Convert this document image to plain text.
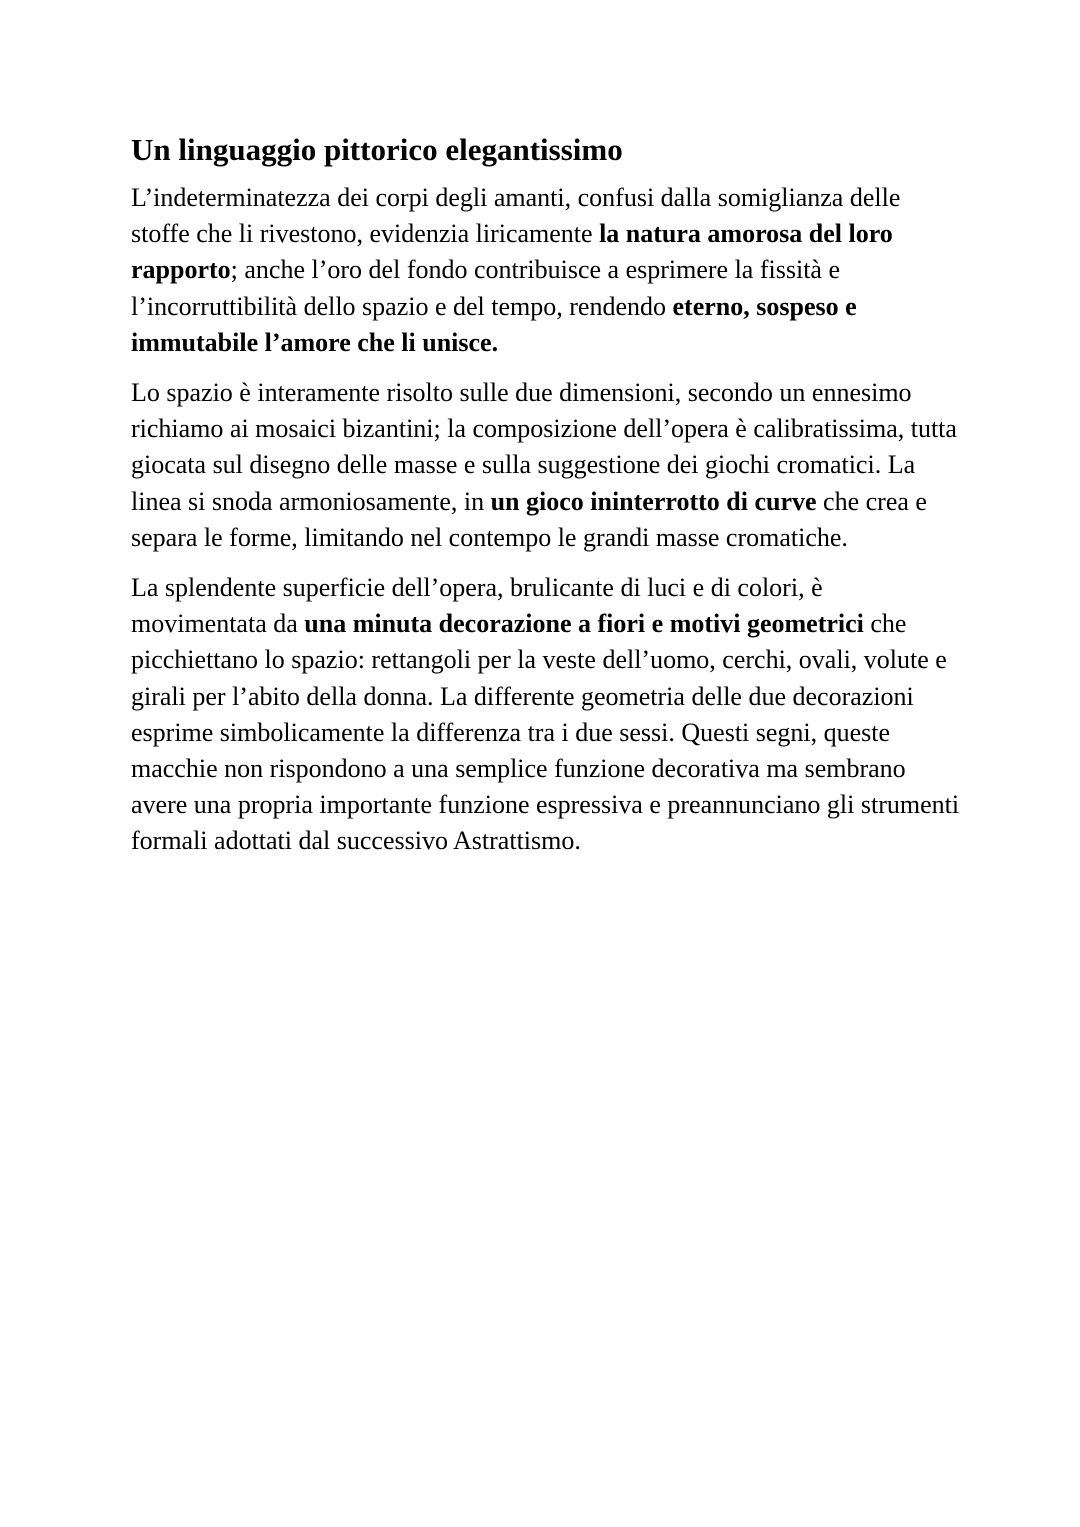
Un linguaggio pittorico elegantissimo

L’indeterminatezza dei corpi degli amanti, confusi dalla somiglianza delle stoffe che li rivestono, evidenzia liricamente la natura amorosa del loro rapporto; anche l’oro del fondo contribuisce a esprimere la fissità e l’incorruttibilità dello spazio e del tempo, rendendo eterno, sospeso e immutabile l’amore che li unisce.

Lo spazio è interamente risolto sulle due dimensioni, secondo un ennesimo richiamo ai mosaici bizantini; la composizione dell’opera è calibratissima, tutta giocata sul disegno delle masse e sulla suggestione dei giochi cromatici. La linea si snoda armoniosamente, in un gioco ininterrotto di curve che crea e separa le forme, limitando nel contempo le grandi masse cromatiche.

La splendente superficie dell’opera, brulicante di luci e di colori, è movimentata da una minuta decorazione a fiori e motivi geometrici che picchiettano lo spazio: rettangoli per la veste dell’uomo, cerchi, ovali, volute e girali per l’abito della donna. La differente geometria delle due decorazioni esprime simbolicamente la differenza tra i due sessi. Questi segni, queste macchie non rispondono a una semplice funzione decorativa ma sembrano avere una propria importante funzione espressiva e preannunciano gli strumenti formali adottati dal successivo Astrattismo.
